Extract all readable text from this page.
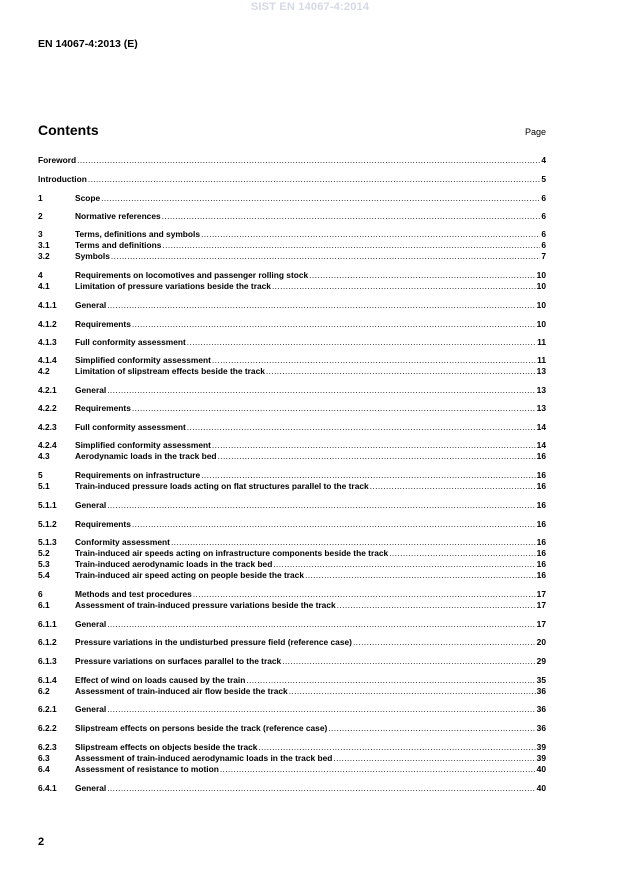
SIST EN 14067-4:2014
EN 14067-4:2013 (E)
Contents	Page
Foreword .....	4
Introduction .....	5
1	Scope .....	6
2	Normative references .....	6
3	Terms, definitions and symbols .....	6
3.1	Terms and definitions .....	6
3.2	Symbols .....	7
4	Requirements on locomotives and passenger rolling stock .....	10
4.1	Limitation of pressure variations beside the track .....	10
4.1.1	General .....	10
4.1.2	Requirements .....	10
4.1.3	Full conformity assessment .....	11
4.1.4	Simplified conformity assessment .....	11
4.2	Limitation of slipstream effects beside the track .....	13
4.2.1	General .....	13
4.2.2	Requirements .....	13
4.2.3	Full conformity assessment .....	14
4.2.4	Simplified conformity assessment .....	14
4.3	Aerodynamic loads in the track bed .....	16
5	Requirements on infrastructure .....	16
5.1	Train-induced pressure loads acting on flat structures parallel to the track .....	16
5.1.1	General .....	16
5.1.2	Requirements .....	16
5.1.3	Conformity assessment .....	16
5.2	Train-induced air speeds acting on infrastructure components beside the track .....	16
5.3	Train-induced aerodynamic loads in the track bed .....	16
5.4	Train-induced air speed acting on people beside the track .....	16
6	Methods and test procedures .....	17
6.1	Assessment of train-induced pressure variations beside the track .....	17
6.1.1	General .....	17
6.1.2	Pressure variations in the undisturbed pressure field (reference case) .....	20
6.1.3	Pressure variations on surfaces parallel to the track .....	29
6.1.4	Effect of wind on loads caused by the train .....	35
6.2	Assessment of train-induced air flow beside the track .....	36
6.2.1	General .....	36
6.2.2	Slipstream effects on persons beside the track (reference case) .....	36
6.2.3	Slipstream effects on objects beside the track .....	39
6.3	Assessment of train-induced aerodynamic loads in the track bed .....	39
6.4	Assessment of resistance to motion .....	40
6.4.1	General .....	40
2
